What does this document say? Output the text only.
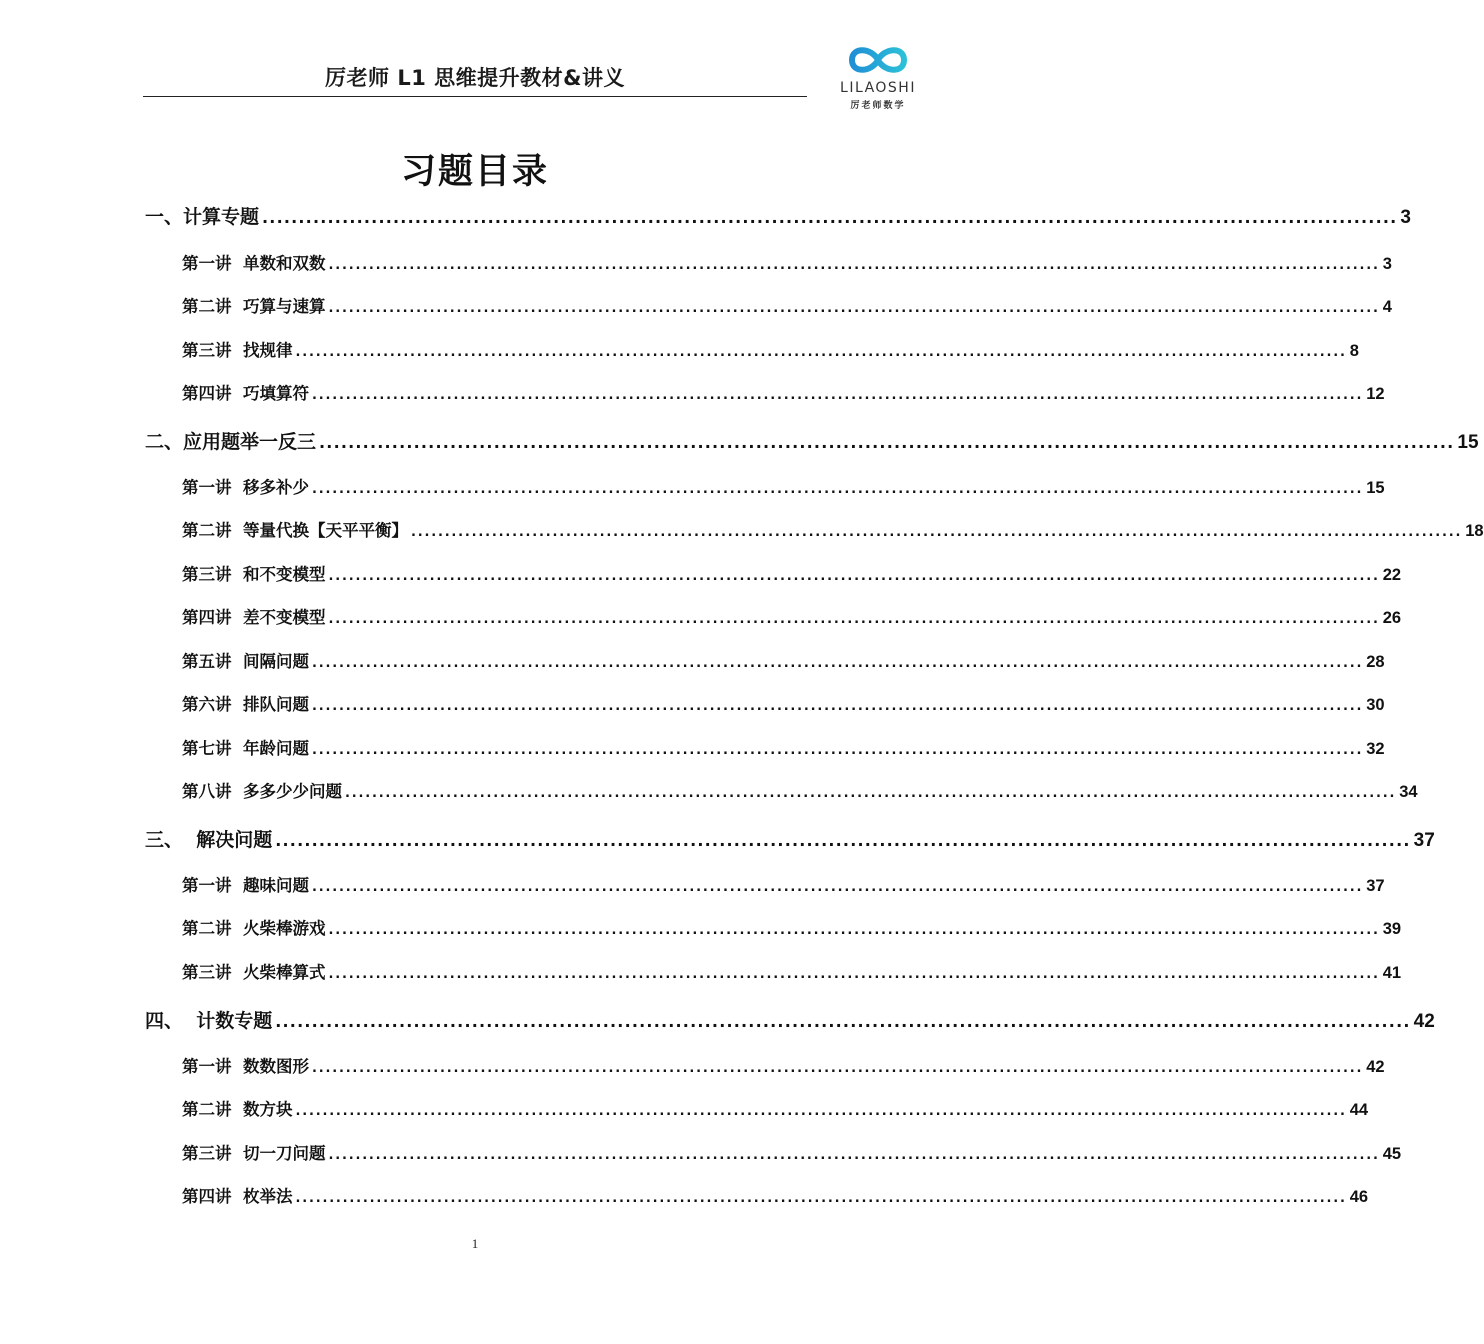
厉老师 L1 思维提升教材&讲义	LILAOSHI
厉老师数学
习题目录
一、计算专题 ............................................................................................................................................................ 3
第一讲  单数和双数 ............................................................................................................................................................ 3
第二讲  巧算与速算 ............................................................................................................................................................ 4
第三讲  找规律 ............................................................................................................................................................ 8
第四讲  巧填算符 ............................................................................................................................................................ 12
二、应用题举一反三 ............................................................................................................................................................ 15
第一讲  移多补少 ............................................................................................................................................................ 15
第二讲  等量代换【天平平衡】 ............................................................................................................................................................ 18
第三讲  和不变模型 ............................................................................................................................................................ 22
第四讲  差不变模型 ............................................................................................................................................................ 26
第五讲  间隔问题 ............................................................................................................................................................ 28
第六讲  排队问题 ............................................................................................................................................................ 30
第七讲  年龄问题 ............................................................................................................................................................ 32
第八讲  多多少少问题 ............................................................................................................................................................ 34
三、  解决问题 ............................................................................................................................................................ 37
第一讲  趣味问题 ............................................................................................................................................................ 37
第二讲  火柴棒游戏 ............................................................................................................................................................ 39
第三讲  火柴棒算式 ............................................................................................................................................................ 41
四、  计数专题 ............................................................................................................................................................ 42
第一讲  数数图形 ............................................................................................................................................................ 42
第二讲  数方块 ............................................................................................................................................................ 44
第三讲  切一刀问题 ............................................................................................................................................................ 45
第四讲  枚举法 ............................................................................................................................................................ 46
1
